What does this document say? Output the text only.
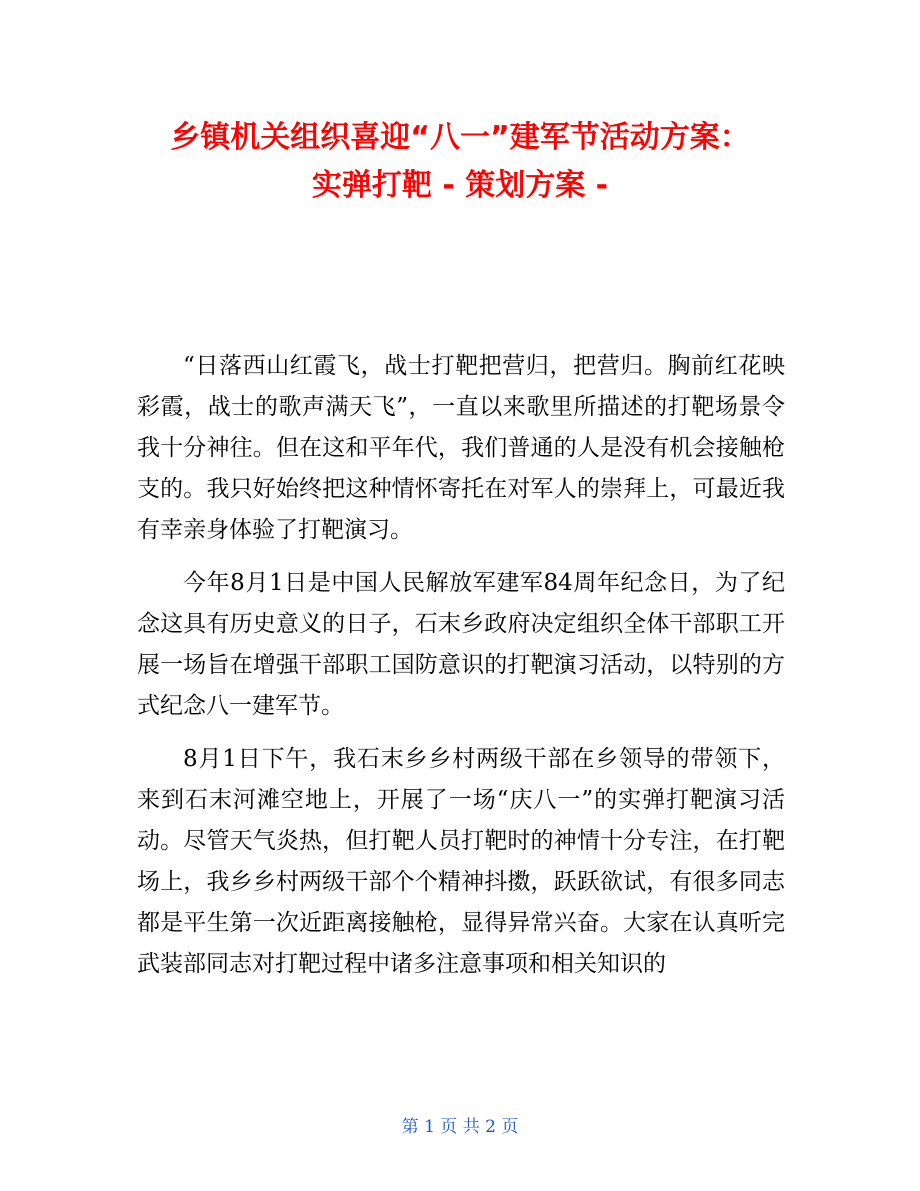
乡镇机关组织喜迎“八一”建军节活动方案：
实弹打靶 - 策划方案 -

“日落西山红霞飞，战士打靶把营归，把营归。胸前红花映彩霞，战士的歌声满天飞”，一直以来歌里所描述的打靶场景令我十分神往。但在这和平年代，我们普通的人是没有机会接触枪支的。我只好始终把这种情怀寄托在对军人的崇拜上，可最近我有幸亲身体验了打靶演习。

今年8月1日是中国人民解放军建军84周年纪念日，为了纪念这具有历史意义的日子，石末乡政府决定组织全体干部职工开展一场旨在增强干部职工国防意识的打靶演习活动，以特别的方式纪念八一建军节。

8月1日下午，我石末乡乡村两级干部在乡领导的带领下，来到石末河滩空地上，开展了一场“庆八一”的实弹打靶演习活动。尽管天气炎热，但打靶人员打靶时的神情十分专注，在打靶场上，我乡乡村两级干部个个精神抖擞，跃跃欲试，有很多同志都是平生第一次近距离接触枪，显得异常兴奋。大家在认真听完武装部同志对打靶过程中诸多注意事项和相关知识的

第 1 页 共 2 页
